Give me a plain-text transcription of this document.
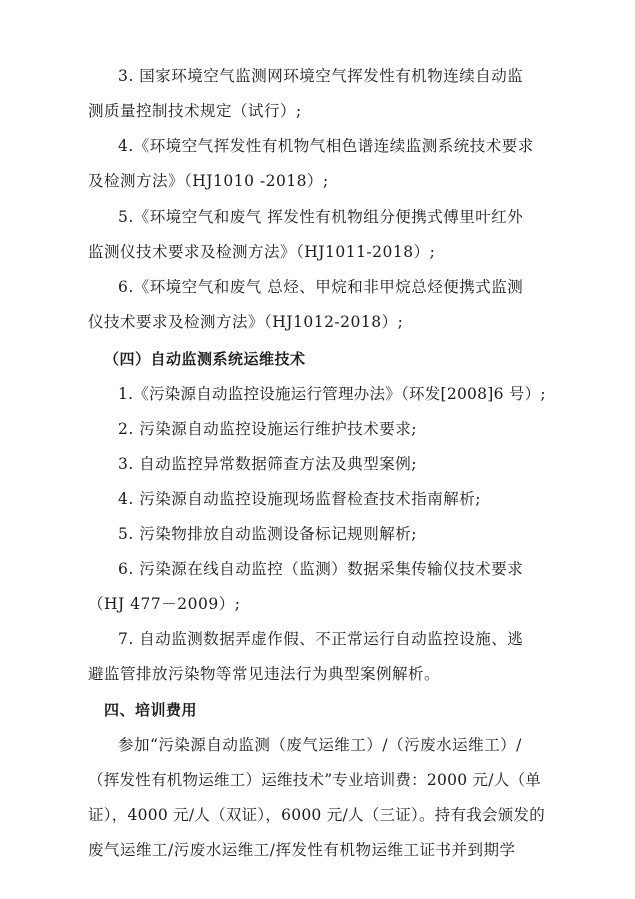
3. 国家环境空气监测网环境空气挥发性有机物连续自动监
测质量控制技术规定（试行）;
4.《环境空气挥发性有机物气相色谱连续监测系统技术要求
及检测方法》（HJ1010 -2018）;
5.《环境空气和废气 挥发性有机物组分便携式傅里叶红外
监测仪技术要求及检测方法》（HJ1011-2018）;
6.《环境空气和废气 总烃、甲烷和非甲烷总烃便携式监测
仪技术要求及检测方法》（HJ1012-2018）;
（四）自动监测系统运维技术
1.《污染源自动监控设施运行管理办法》（环发[2008]6 号）;
2. 污染源自动监控设施运行维护技术要求;
3. 自动监控异常数据筛查方法及典型案例;
4. 污染源自动监控设施现场监督检查技术指南解析;
5. 污染物排放自动监测设备标记规则解析;
6. 污染源在线自动监控（监测）数据采集传输仪技术要求
（HJ 477－2009）;
7. 自动监测数据弄虚作假、不正常运行自动监控设施、逃
避监管排放污染物等常见违法行为典型案例解析。
四、培训费用
参加“污染源自动监测（废气运维工）/（污废水运维工）/
（挥发性有机物运维工）运维技术”专业培训费：2000 元/人（单
证），4000 元/人（双证），6000 元/人（三证）。持有我会颁发的
废气运维工/污废水运维工/挥发性有机物运维工证书并到期学
